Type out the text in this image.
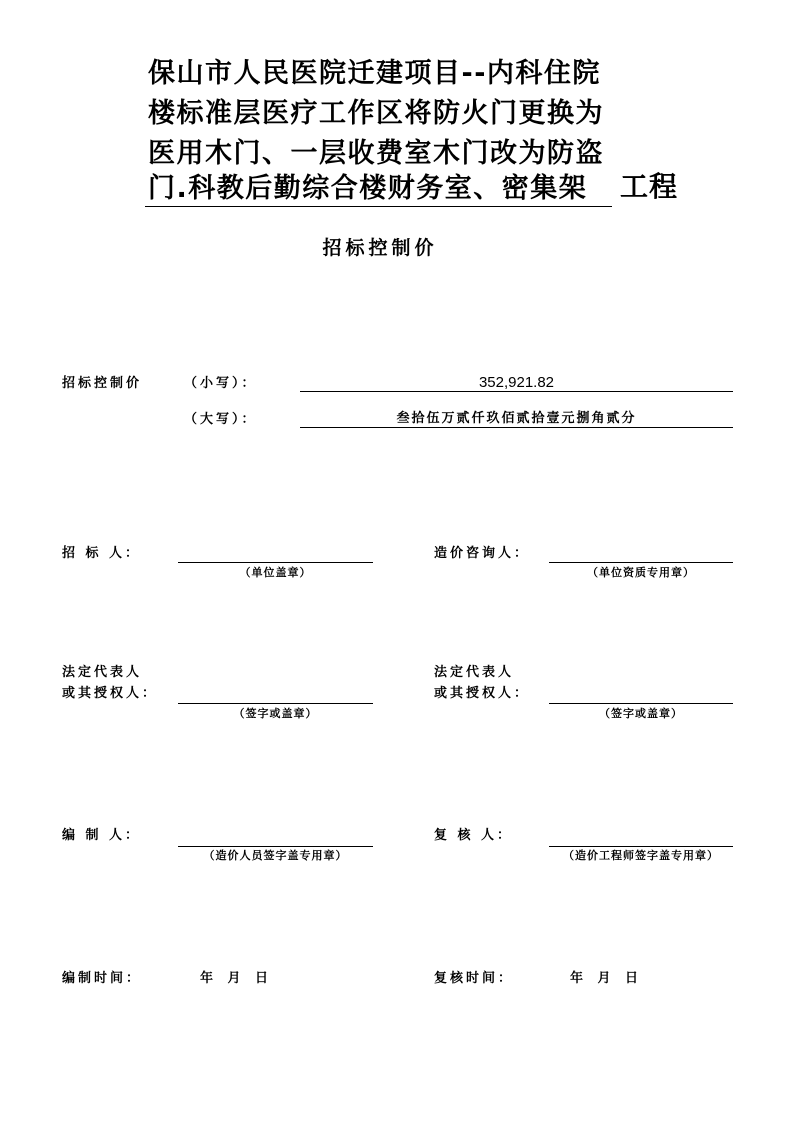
保山市人民医院迁建项目--内科住院
楼标准层医疗工作区将防火门更换为
医用木门、一层收费室木门改为防盗
门.科教后勤综合楼财务室、密集架 工程
招标控制价
招标控制价	（小写）：	352,921.82
（大写）：	叁拾伍万贰仟玖佰贰拾壹元捌角贰分
招 标 人：
（单位盖章）
造价咨询人：
（单位资质专用章）
法定代表人
或其授权人：
（签字或盖章）
法定代表人
或其授权人：
（签字或盖章）
编 制 人：
（造价人员签字盖专用章）
复 核 人：
（造价工程师签字盖专用章）
编制时间：	年 月 日	复核时间：	年 月 日
